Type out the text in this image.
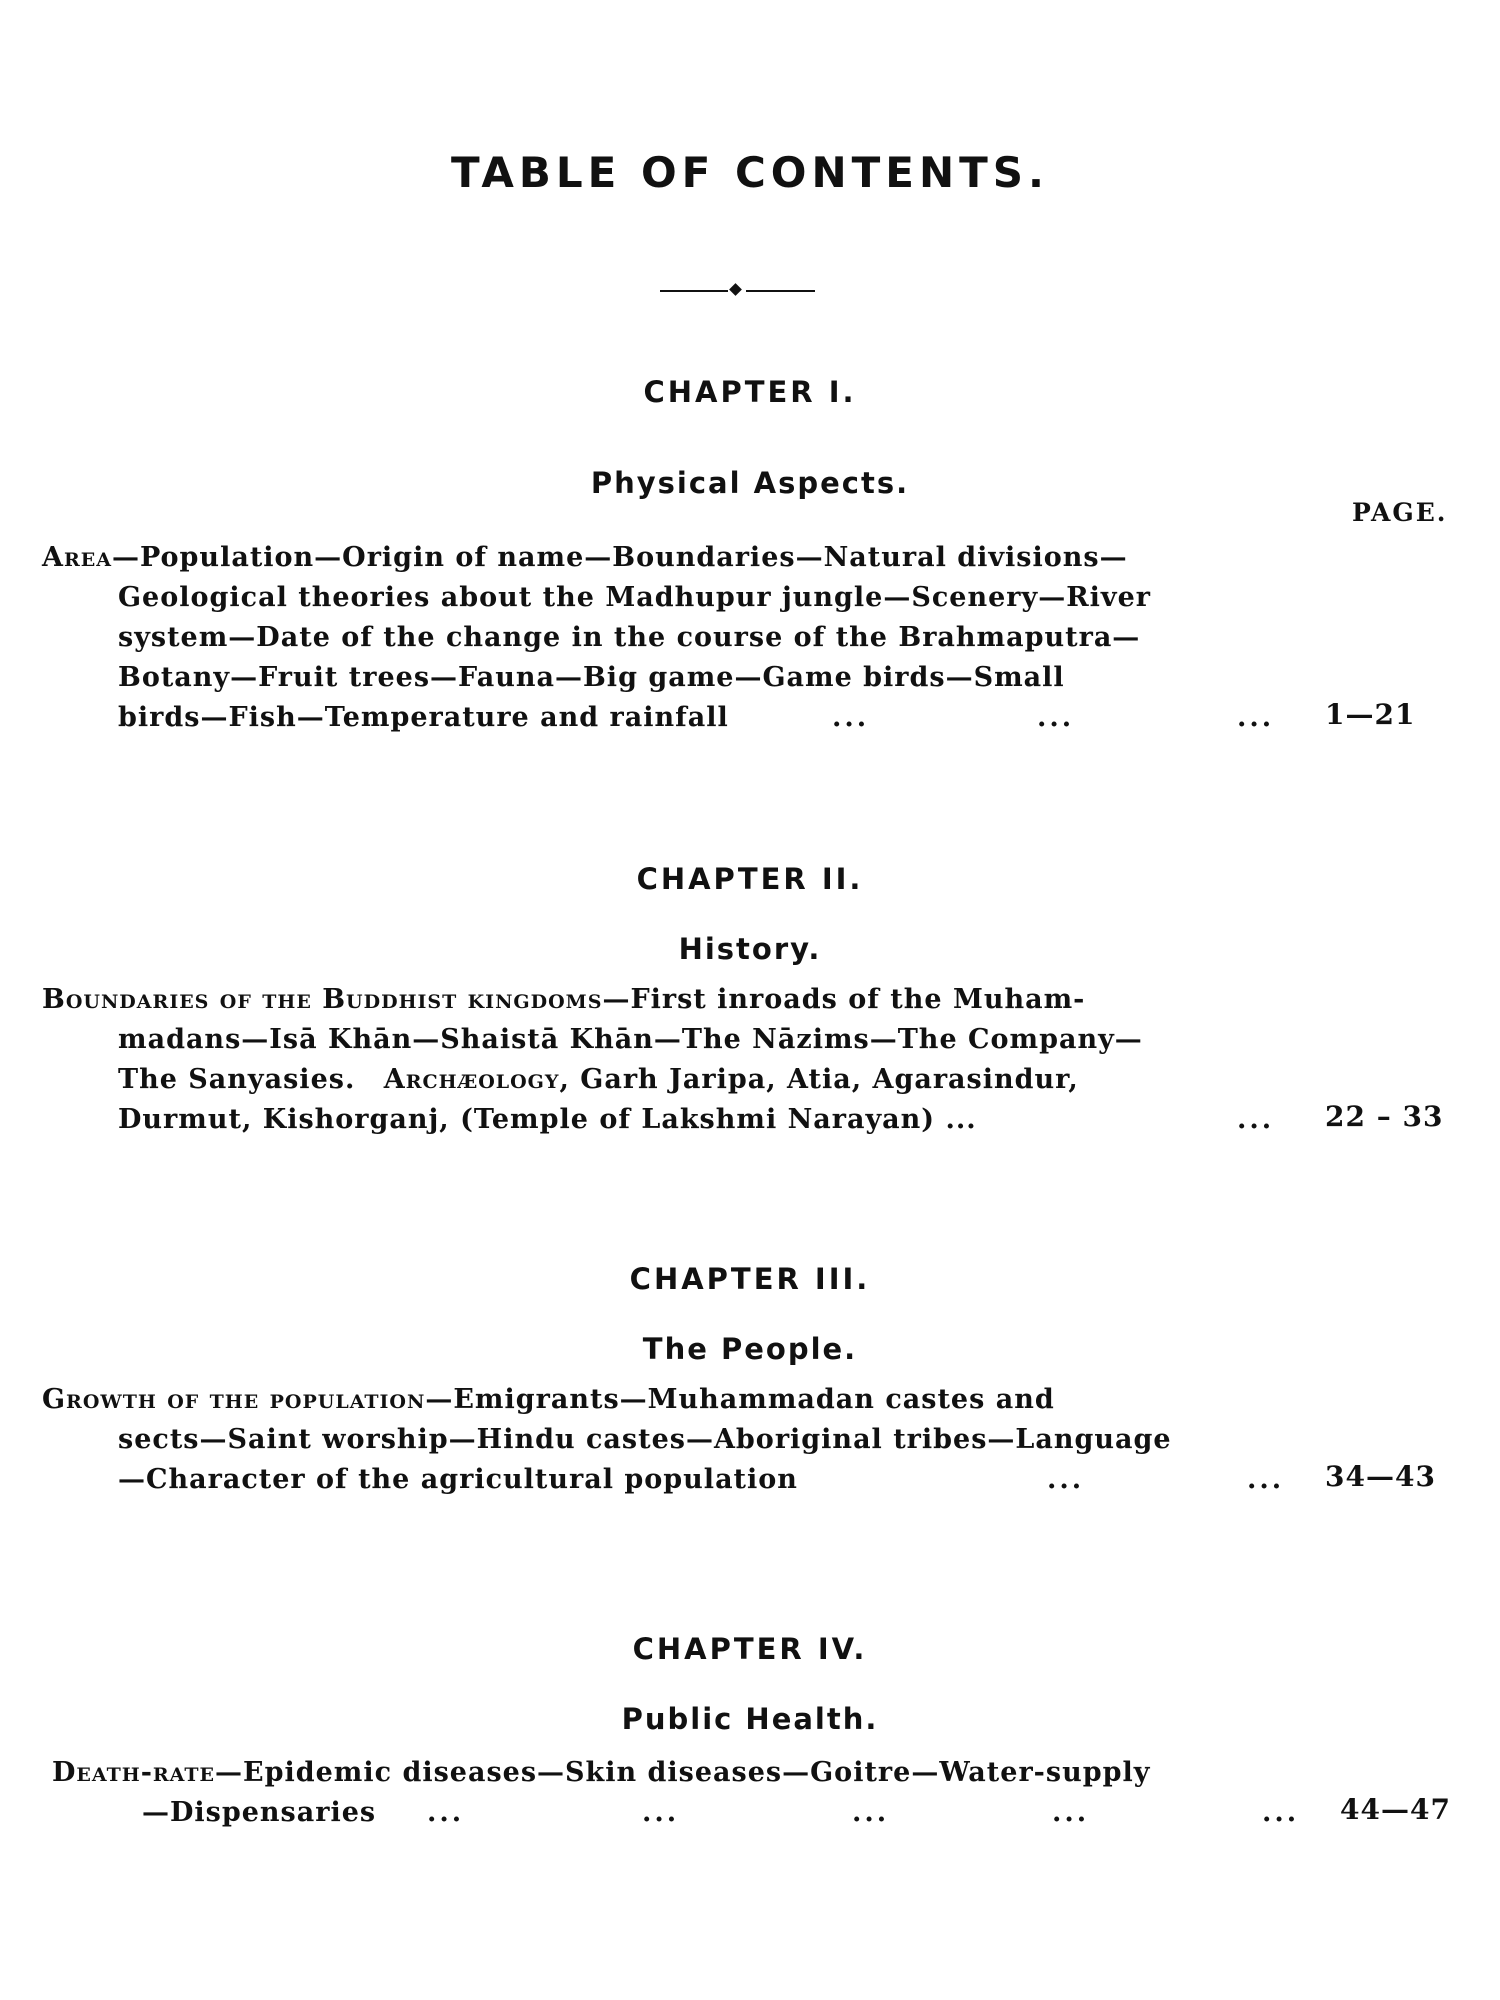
TABLE OF CONTENTS.
CHAPTER I.
Physical Aspects.
PAGE.
Area—Population—Origin of name—Boundaries—Natural divisions—
Geological theories about the Madhupur jungle—Scenery—River
system—Date of the change in the course of the Brahmaputra—
Botany—Fruit trees—Fauna—Big game—Game birds—Small
birds—Fish—Temperature and rainfall	...	...	... 1—21
CHAPTER II.
History.
Boundaries of the Buddhist kingdoms—First inroads of the Muham-
madans—Isā Khān—Shaistā Khān—The Nāzims—The Company—
The Sanyasies. Archæology, Garh Jaripa, Atia, Agarasindur,
Durmut, Kishorganj, (Temple of Lakshmi Narayan) ...	... 22 – 33
CHAPTER III.
The People.
Growth of the population—Emigrants—Muhammadan castes and
sects—Saint worship—Hindu castes—Aboriginal tribes—Language
—Character of the agricultural population	...	... 34—43
CHAPTER IV.
Public Health.
Death-rate—Epidemic diseases—Skin diseases—Goitre—Water-supply
—Dispensaries ...	...	...	...	... 44—47
